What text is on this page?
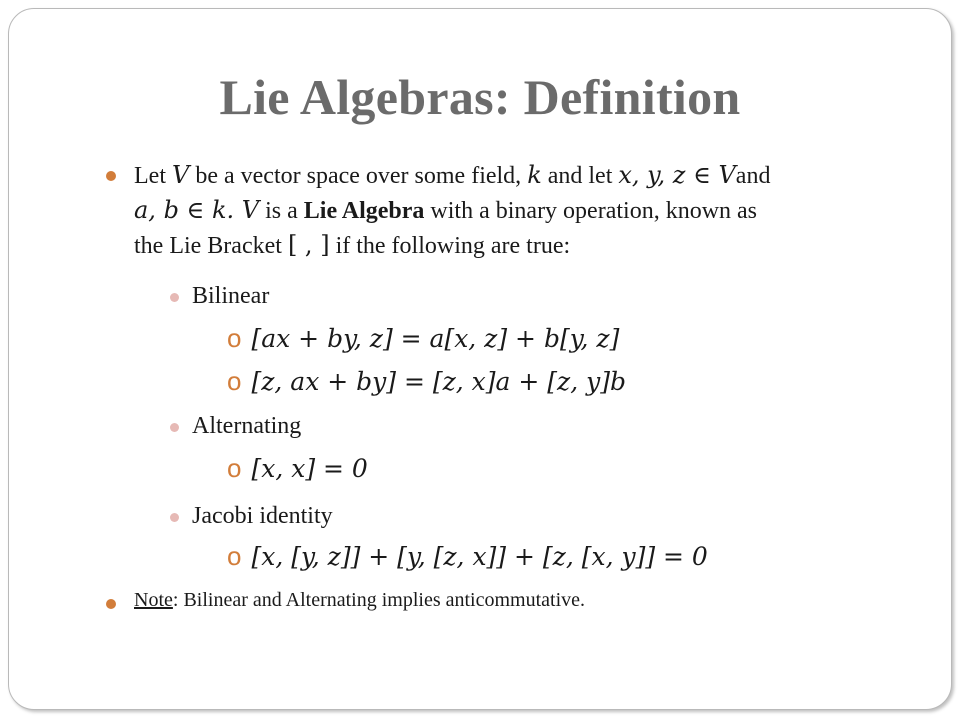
Lie Algebras: Definition
Let V be a vector space over some field, k and let x, y, z ∈ Vand
a, b ∈ k. V is a Lie Algebra with a binary operation, known as
the Lie Bracket [ , ] if the following are true:
Bilinear
o [ax + by, z] = a[x, z] + b[y, z]
o [z, ax + by] = [z, x]a + [z, y]b
Alternating
o [x, x] = 0
Jacobi identity
o [x, [y, z]] + [y, [z, x]] + [z, [x, y]] = 0
Note: Bilinear and Alternating implies anticommutative.
